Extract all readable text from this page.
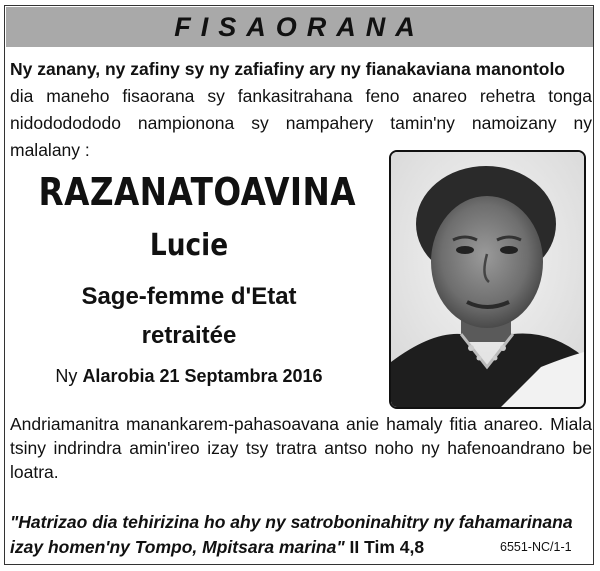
FISAORANA
Ny zanany, ny zafiny sy ny zafiafiny ary ny fianakaviana manontolo
dia maneho fisaorana sy fankasitrahana feno anareo rehetra tonga nidododododo nampionona sy nampahery tamin'ny namoizany ny malalany :
RAZANATOAVINA
Lucie
Sage-femme d'Etat
retraitée
Ny Alarobia 21 Septambra 2016
Andriamanitra manankarem-pahasoavana anie hamaly fitia anareo. Miala tsiny indrindra amin'ireo izay tsy tratra antso noho ny hafenoandrano be loatra.
"Hatrizao dia tehirizina ho ahy ny satroboninahitry ny fahamarinana izay homen'ny Tompo, Mpitsara marina" II Tim 4,8	6551-NC/1-1
